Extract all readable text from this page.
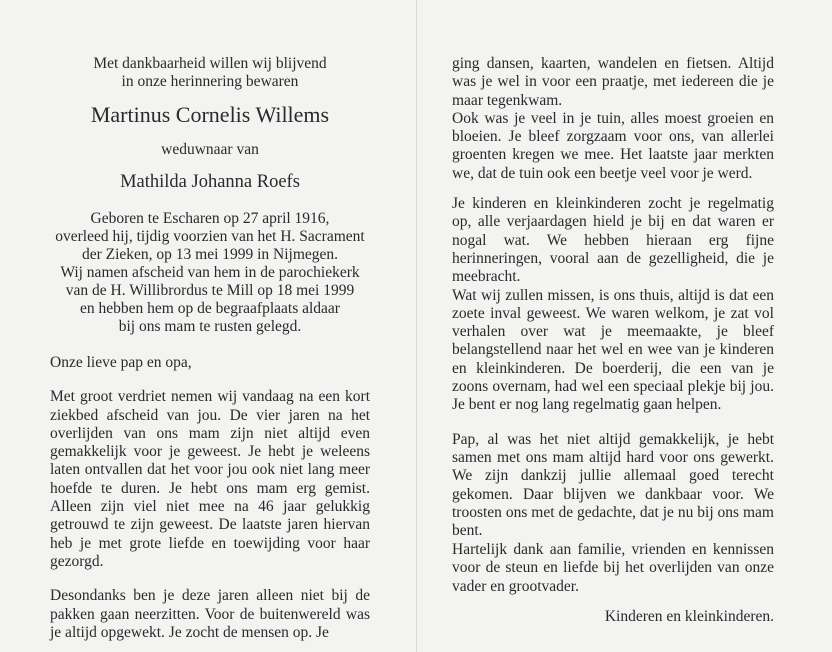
Met dankbaarheid willen wij blijvend
in onze herinnering bewaren
Martinus Cornelis Willems
weduwnaar van
Mathilda Johanna Roefs
Geboren te Escharen op 27 april 1916,
overleed hij, tijdig voorzien van het H. Sacrament
der Zieken, op 13 mei 1999 in Nijmegen.
Wij namen afscheid van hem in de parochiekerk
van de H. Willibrordus te Mill op 18 mei 1999
en hebben hem op de begraafplaats aldaar
bij ons mam te rusten gelegd.

Onze lieve pap en opa,

Met groot verdriet nemen wij vandaag na een kort ziekbed afscheid van jou. De vier jaren na het overlijden van ons mam zijn niet altijd even gemakkelijk voor je geweest. Je hebt je weleens laten ontvallen dat het voor jou ook niet lang meer hoefde te duren. Je hebt ons mam erg gemist. Alleen zijn viel niet mee na 46 jaar gelukkig getrouwd te zijn geweest. De laatste jaren hiervan heb je met grote liefde en toewijding voor haar gezorgd.

Desondanks ben je deze jaren alleen niet bij de pakken gaan neerzitten. Voor de buitenwereld was je altijd opgewekt. Je zocht de mensen op. Je

ging dansen, kaarten, wandelen en fietsen. Altijd was je wel in voor een praatje, met iedereen die je maar tegenkwam.

Ook was je veel in je tuin, alles moest groeien en bloeien. Je bleef zorgzaam voor ons, van allerlei groenten kregen we mee. Het laatste jaar merkten we, dat de tuin ook een beetje veel voor je werd.

Je kinderen en kleinkinderen zocht je regelmatig op, alle verjaardagen hield je bij en dat waren er nogal wat. We hebben hieraan erg fijne herinneringen, vooral aan de gezelligheid, die je meebracht.

Wat wij zullen missen, is ons thuis, altijd is dat een zoete inval geweest. We waren welkom, je zat vol verhalen over wat je meemaakte, je bleef belangstellend naar het wel en wee van je kinderen en kleinkinderen. De boerderij, die een van je zoons overnam, had wel een speciaal plekje bij jou. Je bent er nog lang regelmatig gaan helpen.

Pap, al was het niet altijd gemakkelijk, je hebt samen met ons mam altijd hard voor ons gewerkt. We zijn dankzij jullie allemaal goed terecht gekomen. Daar blijven we dankbaar voor. We troosten ons met de gedachte, dat je nu bij ons mam bent.

Hartelijk dank aan familie, vrienden en kennissen voor de steun en liefde bij het overlijden van onze vader en grootvader.

Kinderen en kleinkinderen.
